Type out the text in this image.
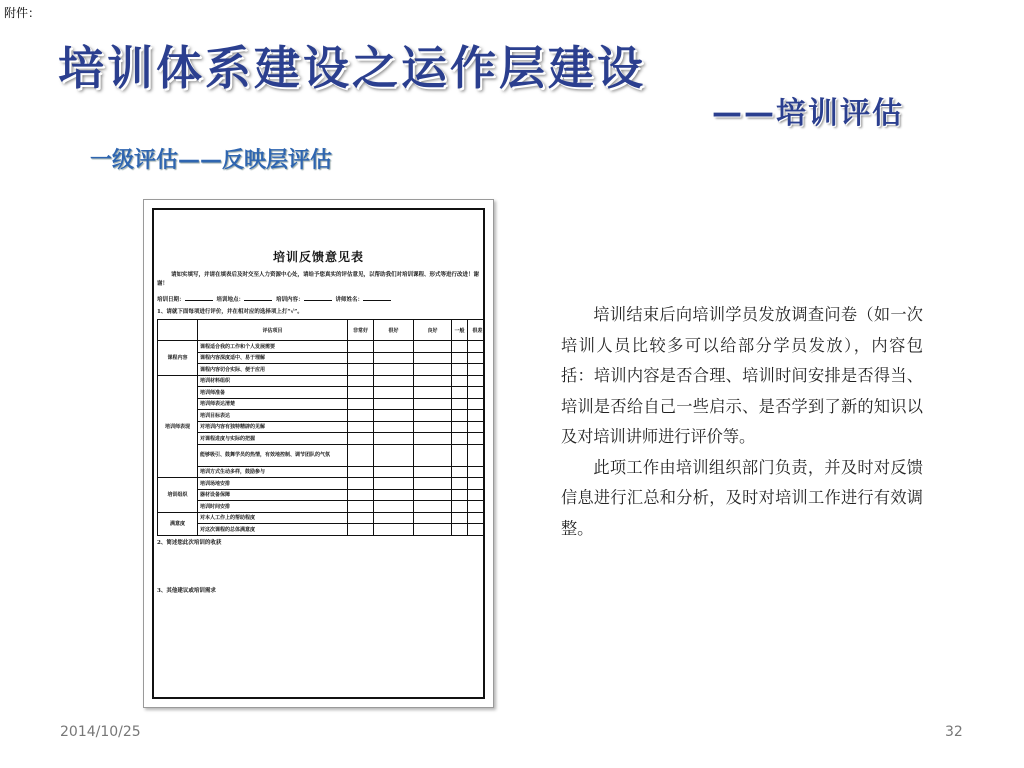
附件：
培训体系建设之运作层建设
——培训评估
一级评估——反映层评估
培训反馈意见表
请如实填写，并请在填表后及时交至人力资源中心处，请给予您真实的评估意见，以帮助我们对培训课程、形式等进行改进！谢谢！
培训日期：	培训地点：	培训内容：	讲师姓名：
1、请就下面每项进行评价，并在相对应的选择项上打“√”。
	评估项目	非常好	很好	良好	一般	很差
课程内容	课程适合我的工作和个人发展需要					
	课程内容深度适中、易于理解					
	课程内容切合实际、便于应用					
培训师表现	培训材料组织					
	培训师准备					
	培训师表达清楚					
	培训目标表达					
	对培训内容有独特精辟的见解					
	对课程进度与实际的把握					
	能够吸引、鼓舞学员的热情，有效地控制、调节团队的气氛					
	培训方式生动多样，鼓励参与					
培训组织	培训场地安排					
	器材设备保障					
	培训时间安排					
满意度	对本人工作上的帮助程度					
	对这次课程的总体满意度					
2、简述您此次培训的收获
3、其他建议或培训需求

培训结束后向培训学员发放调查问卷（如一次培训人员比较多可以给部分学员发放），内容包括：培训内容是否合理、培训时间安排是否得当、培训是否给自己一些启示、是否学到了新的知识以及对培训讲师进行评价等。

此项工作由培训组织部门负责，并及时对反馈信息进行汇总和分析，及时对培训工作进行有效调整。

2014/10/25	32
